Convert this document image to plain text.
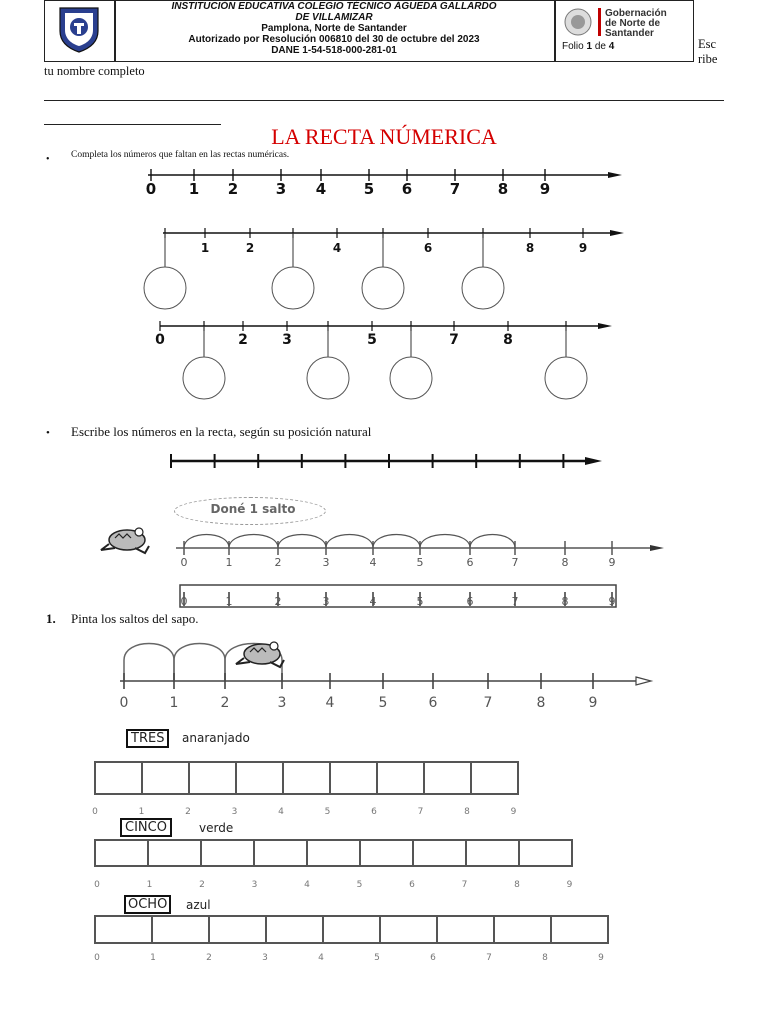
INSTITUCIÓN EDUCATIVA COLEGIO TÉCNICO ÁGUEDA GALLARDO
DE VILLAMIZAR
Pamplona, Norte de Santander
Autorizado por Resolución 006810 del 30 de octubre del 2023
DANE 1-54-518-000-281-01
Gobernación
de Norte de
Santander
Folio 1 de 4	Esc
ribe
tu nombre completo
LA RECTA NÚMERICA
• Completa los números que faltan en las rectas numéricas.
0 1 2	3 4	5 6	7	8 9
1	2	4	6	8	9
0	2 3	5	7	8
0	1	2	3	4	5	6	7	8	9
0	1	2	3	4	5	6	7	8	9
0	1	2	3	4	5	6	7	8	9
0	1	2	3	4	5	6	7	8	9
0	1	2	3	4	5	6	7	8	9
0	1	2	3	4	5	6	7	8	9
• Escribe los números en la recta, según su posición natural
Doné 1 salto
1. Pinta los saltos del sapo.
TRES	anaranjado
CINCO	verde
OCHO	azul
